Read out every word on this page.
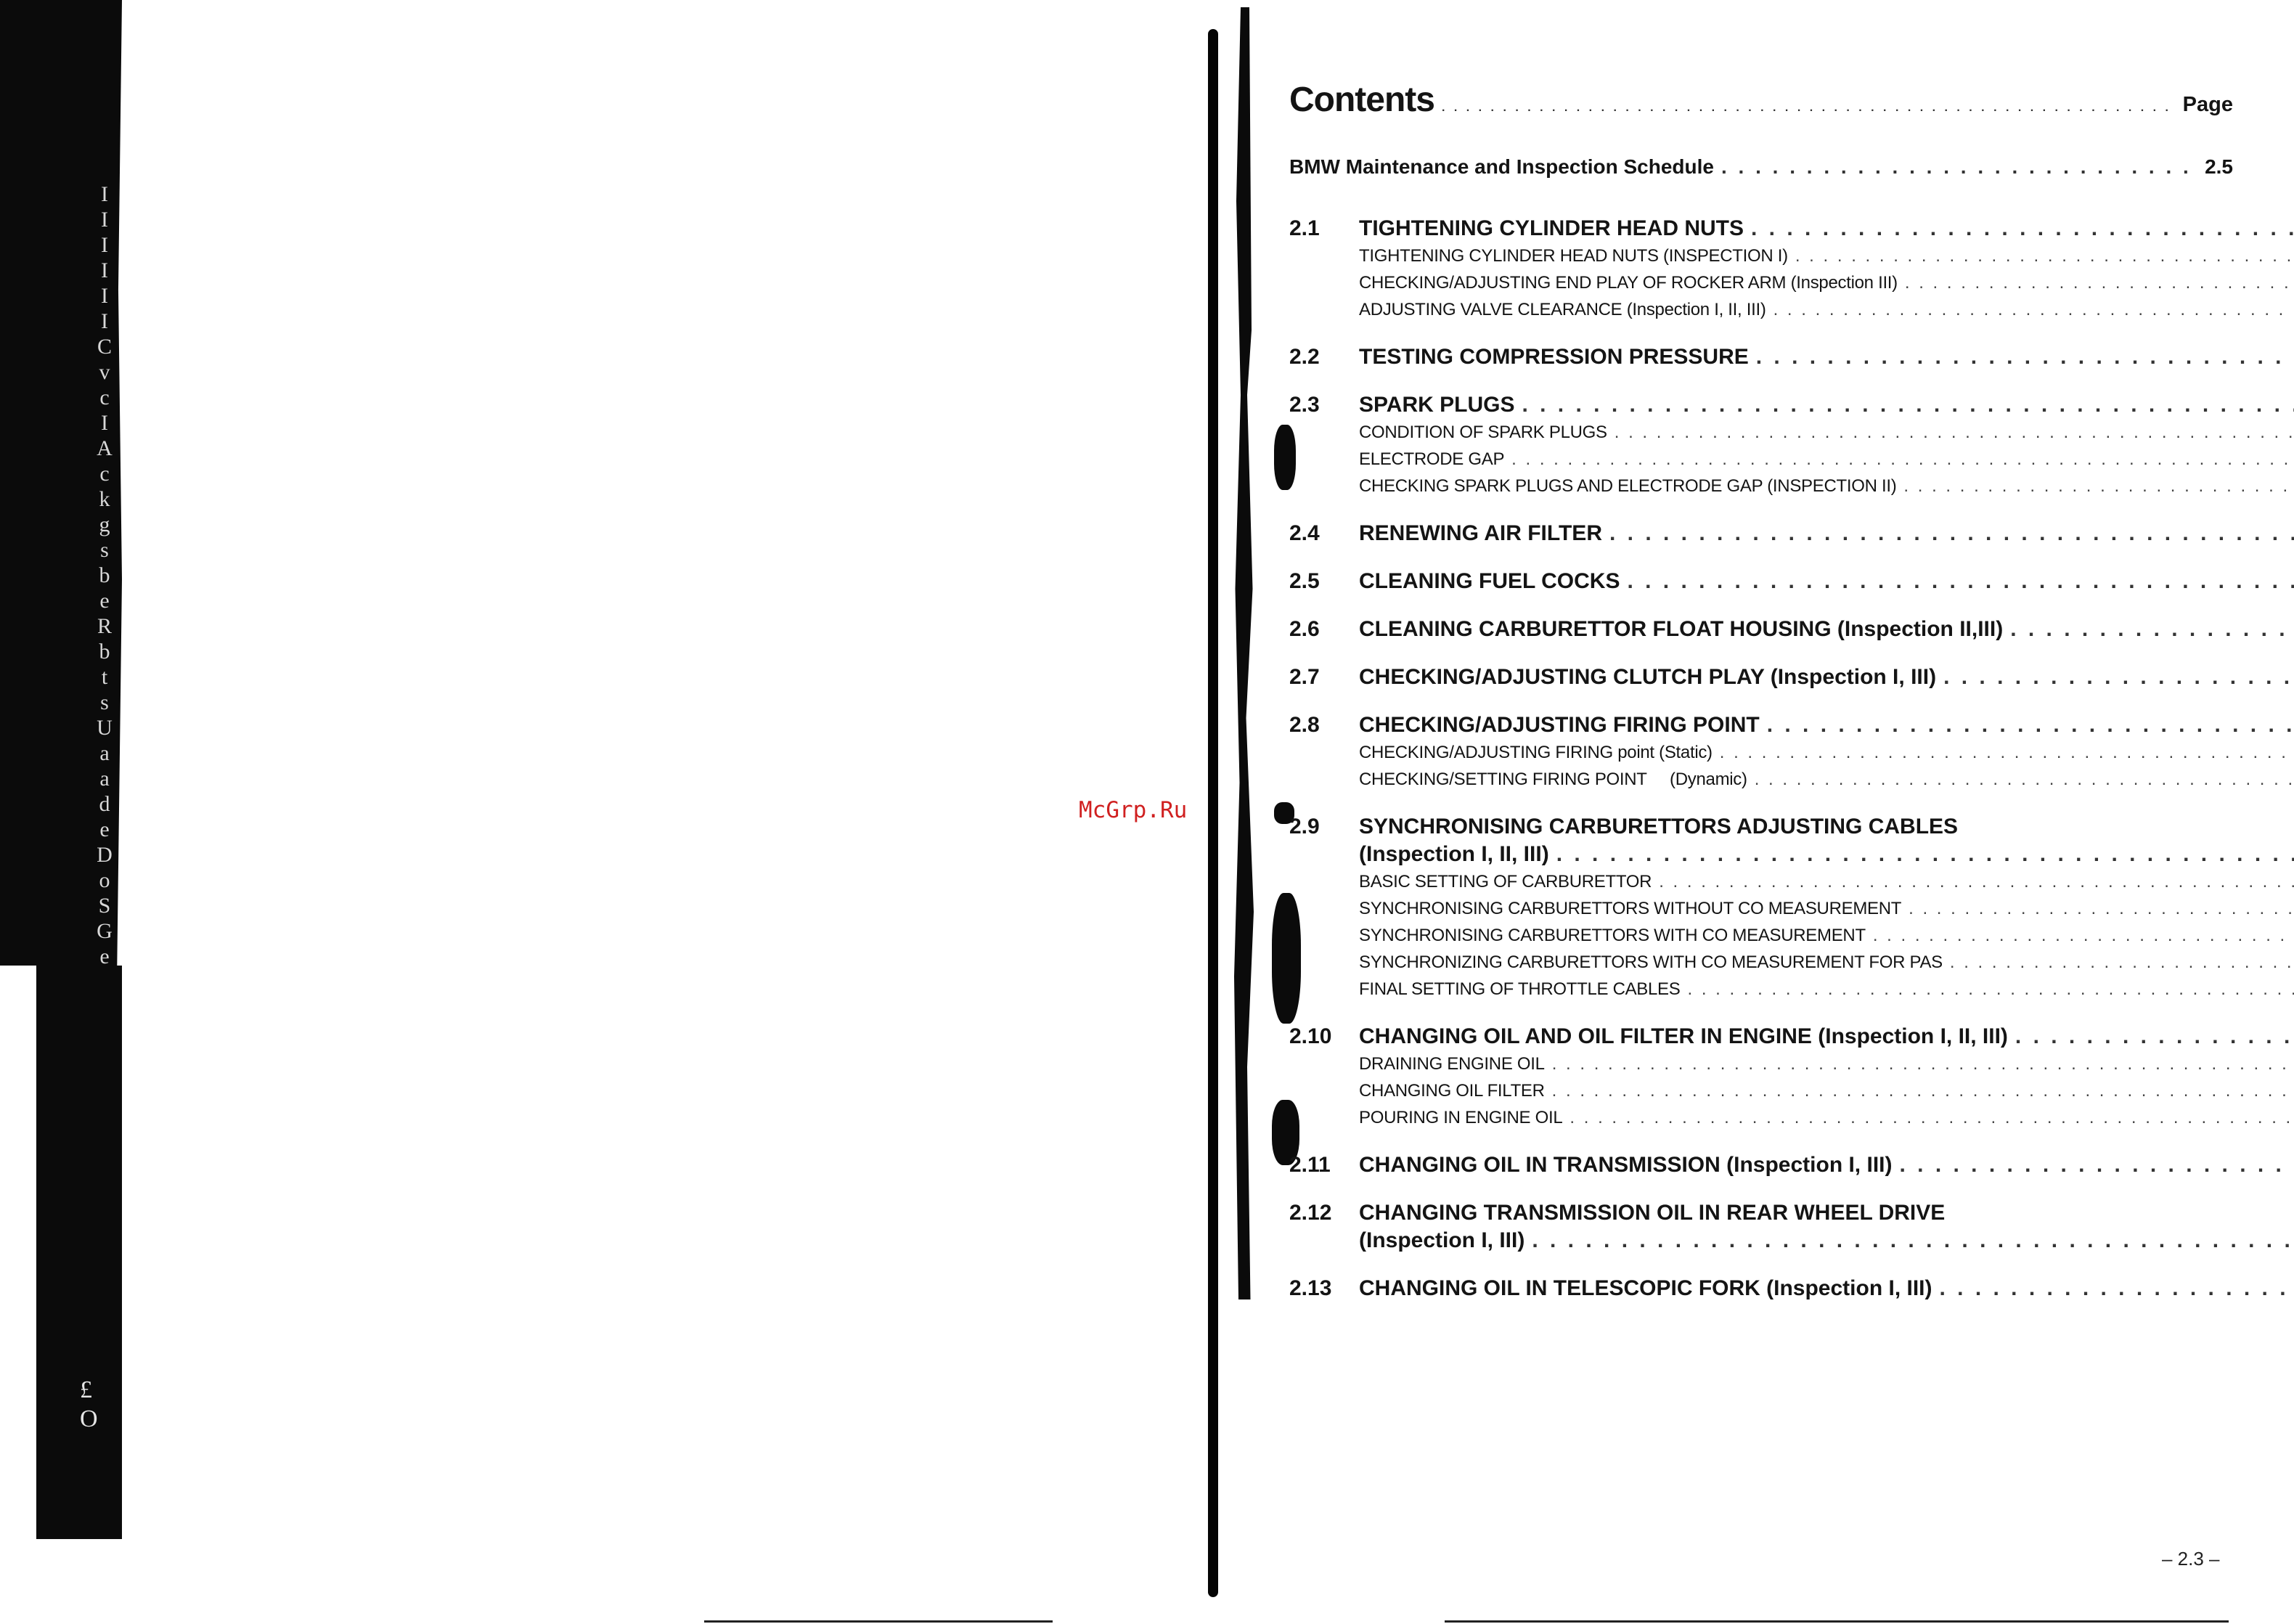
I
I
I
I
I
I
C
v
c
I
A
c
k
g
s
b
e
R
b
t
s
U
a
a
d
e
D
o
S
G
e
£
O
McGrp.Ru
Contents . . .	Page
BMW Maintenance and Inspection Schedule . . .	2.5
2.1	TIGHTENING CYLINDER HEAD NUTS
. . .
TIGHTENING CYLINDER HEAD NUTS (INSPECTION I)
. . .
CHECKING/ADJUSTING END PLAY OF ROCKER ARM (Inspection III)
. . .
ADJUSTING VALVE CLEARANCE (Inspection I, II, III)
. . .
2.2	TESTING COMPRESSION PRESSURE
. . .
2.3	SPARK PLUGS
. . .
CONDITION OF SPARK PLUGS
. . .
ELECTRODE GAP
. . .
CHECKING SPARK PLUGS AND ELECTRODE GAP (INSPECTION II)
. . .
2.4	RENEWING AIR FILTER
. . .
2.5	CLEANING FUEL COCKS
. . .
2.6	CLEANING CARBURETTOR FLOAT HOUSING (Inspection II,III)
. . .
2.7	CHECKING/ADJUSTING CLUTCH PLAY (Inspection I, III)
. . .
2.8	CHECKING/ADJUSTING FIRING POINT
. . .
CHECKING/ADJUSTING FIRING point (Static)
. . .
CHECKING/SETTING FIRING POINT     (Dynamic)
. . .
2.9	SYNCHRONISING CARBURETTORS ADJUSTING CABLES
(Inspection I, II, III)
. . .
BASIC SETTING OF CARBURETTOR
. . .
SYNCHRONISING CARBURETTORS WITHOUT CO MEASUREMENT
. . .
SYNCHRONISING CARBURETTORS WITH CO MEASUREMENT
. . .
SYNCHRONIZING CARBURETTORS WITH CO MEASUREMENT FOR PAS
. . .
FINAL SETTING OF THROTTLE CABLES
. . .
2.10	CHANGING OIL AND OIL FILTER IN ENGINE (Inspection I, II, III)
. . .
DRAINING ENGINE OIL
. . .
CHANGING OIL FILTER
. . .
POURING IN ENGINE OIL
. . .
2.11	CHANGING OIL IN TRANSMISSION (Inspection I, III)
. . .
2.12	CHANGING TRANSMISSION OIL IN REAR WHEEL DRIVE
(Inspection I, III)
. . .
2.13	CHANGING OIL IN TELESCOPIC FORK (Inspection I, III)
. . .
– 2.3 –
